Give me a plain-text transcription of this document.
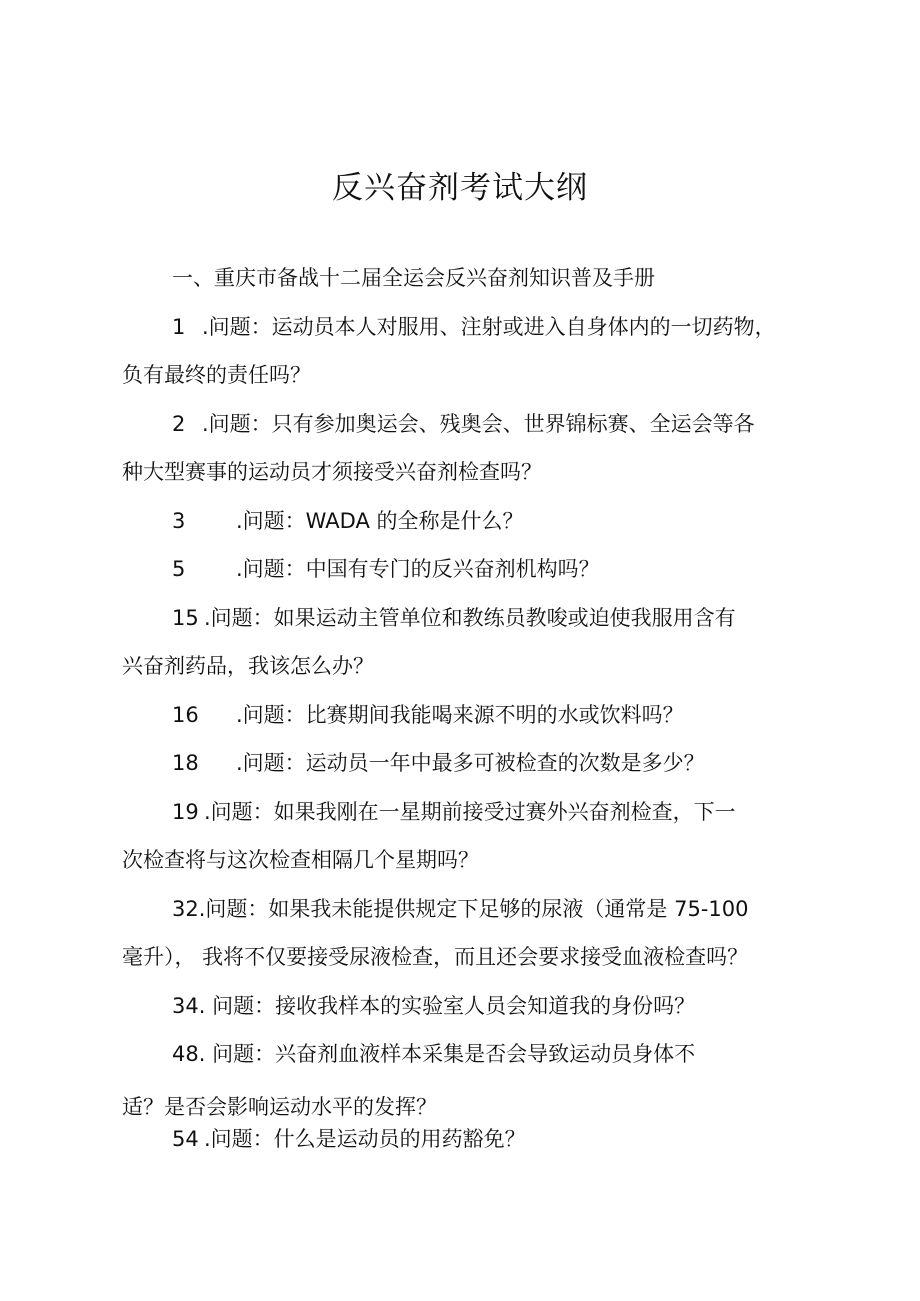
反兴奋剂考试大纲
一、重庆市备战十二届全运会反兴奋剂知识普及手册
1 .问题：运动员本人对服用、注射或进入自身体内的一切药物，
负有最终的责任吗？
2 .问题：只有参加奥运会、残奥会、世界锦标赛、全运会等各
种大型赛事的运动员才须接受兴奋剂检查吗？
3 .问题：WADA 的全称是什么？
5 .问题：中国有专门的反兴奋剂机构吗？
15 .问题：如果运动主管单位和教练员教唆或迫使我服用含有
兴奋剂药品，我该怎么办？
16 .问题：比赛期间我能喝来源不明的水或饮料吗？
18 .问题：运动员一年中最多可被检查的次数是多少？
19 .问题：如果我刚在一星期前接受过赛外兴奋剂检查，下一
次检查将与这次检查相隔几个星期吗？
32.问题：如果我未能提供规定下足够的尿液（通常是 75-100
毫升）， 我将不仅要接受尿液检查，而且还会要求接受血液检查吗？
34. 问题：接收我样本的实验室人员会知道我的身份吗？
48. 问题：兴奋剂血液样本采集是否会导致运动员身体不
适？是否会影响运动水平的发挥？
54 .问题：什么是运动员的用药豁免？
